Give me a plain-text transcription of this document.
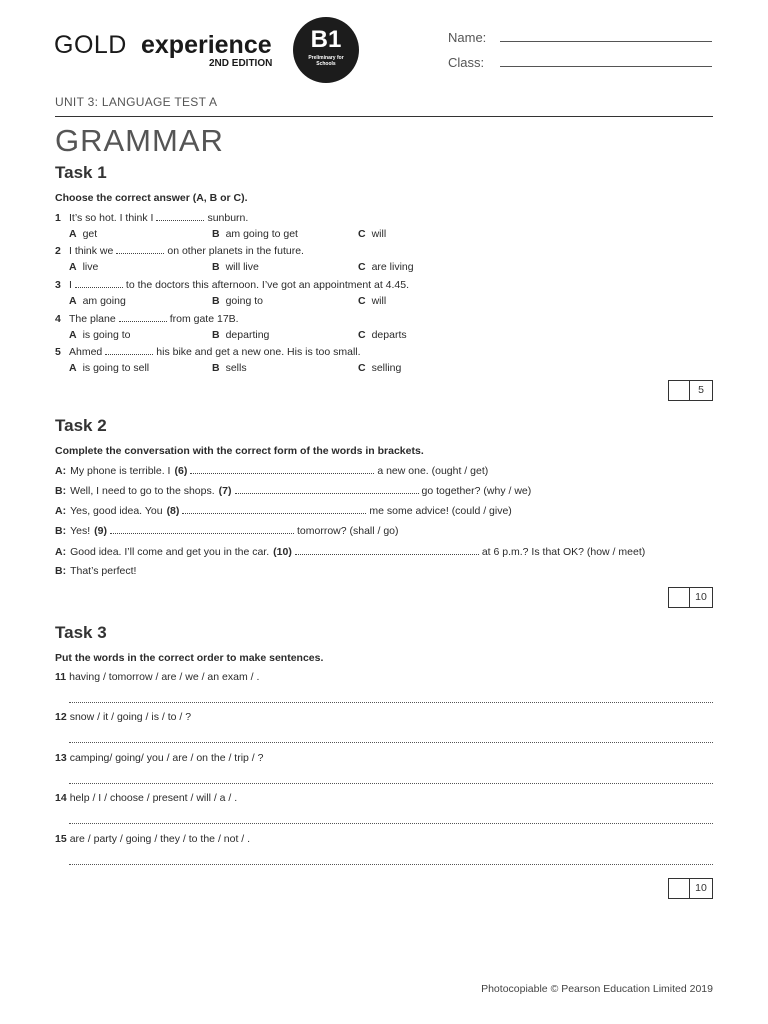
GOLD experience
2ND EDITION
B1
Preliminary for Schools
Name:
Class:
UNIT 3: LANGUAGE TEST A
GRAMMAR
Task 1
Choose the correct answer (A, B or C).
1 It’s so hot. I think I	sunburn.
A get	B am going to get	C will
2 I think we	on other planets in the future.
A live	B will live	C are living
3 I	to the doctors this afternoon. I’ve got an appointment at 4.45.
A am going	B going to	C will
4 The plane	from gate 17B.
A is going to	B departing	C departs
5 Ahmed	his bike and get a new one. His is too small.
A is going to sell	B sells	C selling
5
Task 2
Complete the conversation with the correct form of the words in brackets.
A: My phone is terrible. I (6)	a new one. (ought / get)
B: Well, I need to go to the shops. (7)	go together? (why / we)
A: Yes, good idea. You (8)	me some advice! (could / give)
B: Yes! (9)	tomorrow? (shall / go)
A: Good idea. I’ll come and get you in the car. (10)	at 6 p.m.? Is that OK? (how / meet)
B: That’s perfect!
10
Task 3
Put the words in the correct order to make sentences.
11 having / tomorrow / are / we / an exam / .
12 snow / it / going / is / to / ?
13 camping/ going/ you / are / on the / trip / ?
14 help / I / choose / present / will / a / .
15 are / party / going / they / to the / not / .
10
Photocopiable © Pearson Education Limited 2019
